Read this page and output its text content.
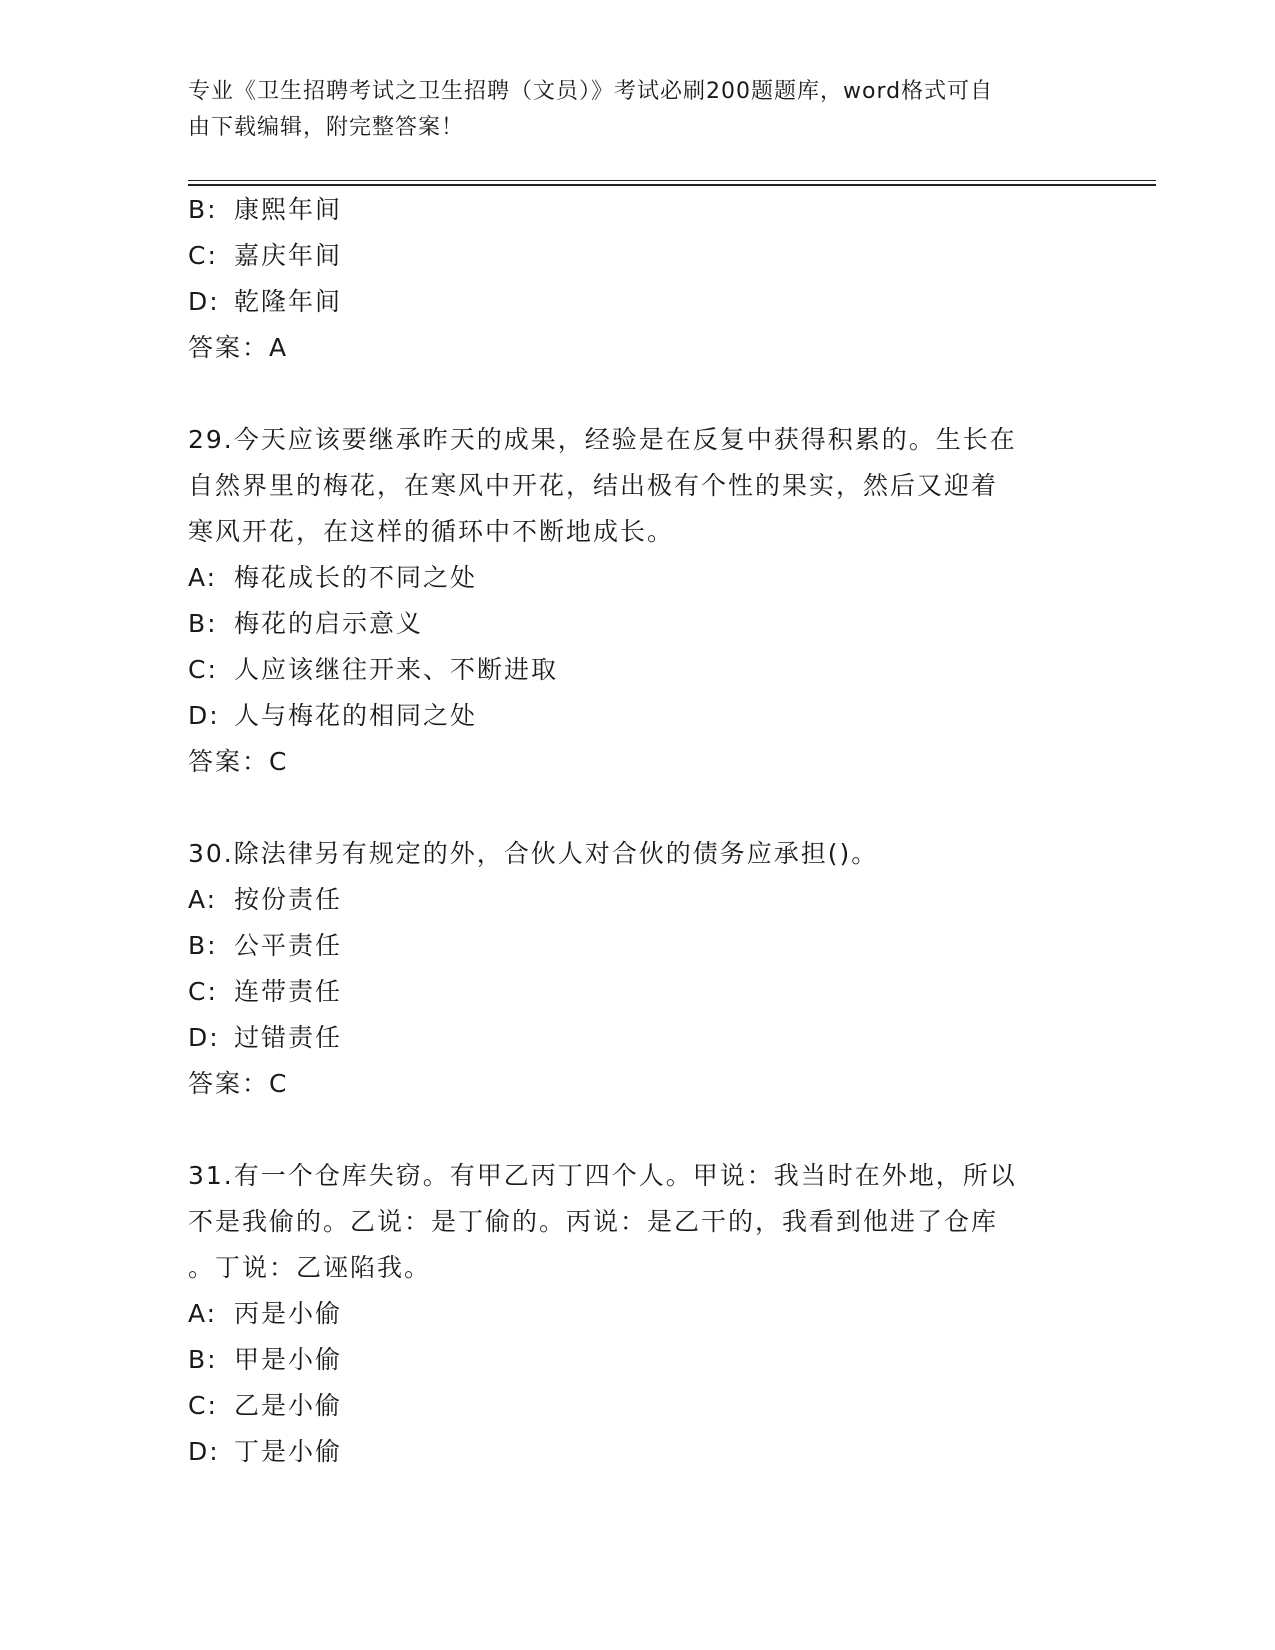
专业《卫生招聘考试之卫生招聘（文员）》考试必刷200题题库，word格式可自
由下载编辑，附完整答案！
B: 康熙年间
C: 嘉庆年间
D: 乾隆年间
答案：A
29.今天应该要继承昨天的成果，经验是在反复中获得积累的。生长在
自然界里的梅花，在寒风中开花，结出极有个性的果实，然后又迎着
寒风开花，在这样的循环中不断地成长。
A: 梅花成长的不同之处
B: 梅花的启示意义
C: 人应该继往开来、不断进取
D: 人与梅花的相同之处
答案：C
30.除法律另有规定的外，合伙人对合伙的债务应承担()。
A: 按份责任
B: 公平责任
C: 连带责任
D: 过错责任
答案：C
31.有一个仓库失窃。有甲乙丙丁四个人。甲说：我当时在外地，所以
不是我偷的。乙说：是丁偷的。丙说：是乙干的，我看到他进了仓库
。丁说：乙诬陷我。
A: 丙是小偷
B: 甲是小偷
C: 乙是小偷
D: 丁是小偷
